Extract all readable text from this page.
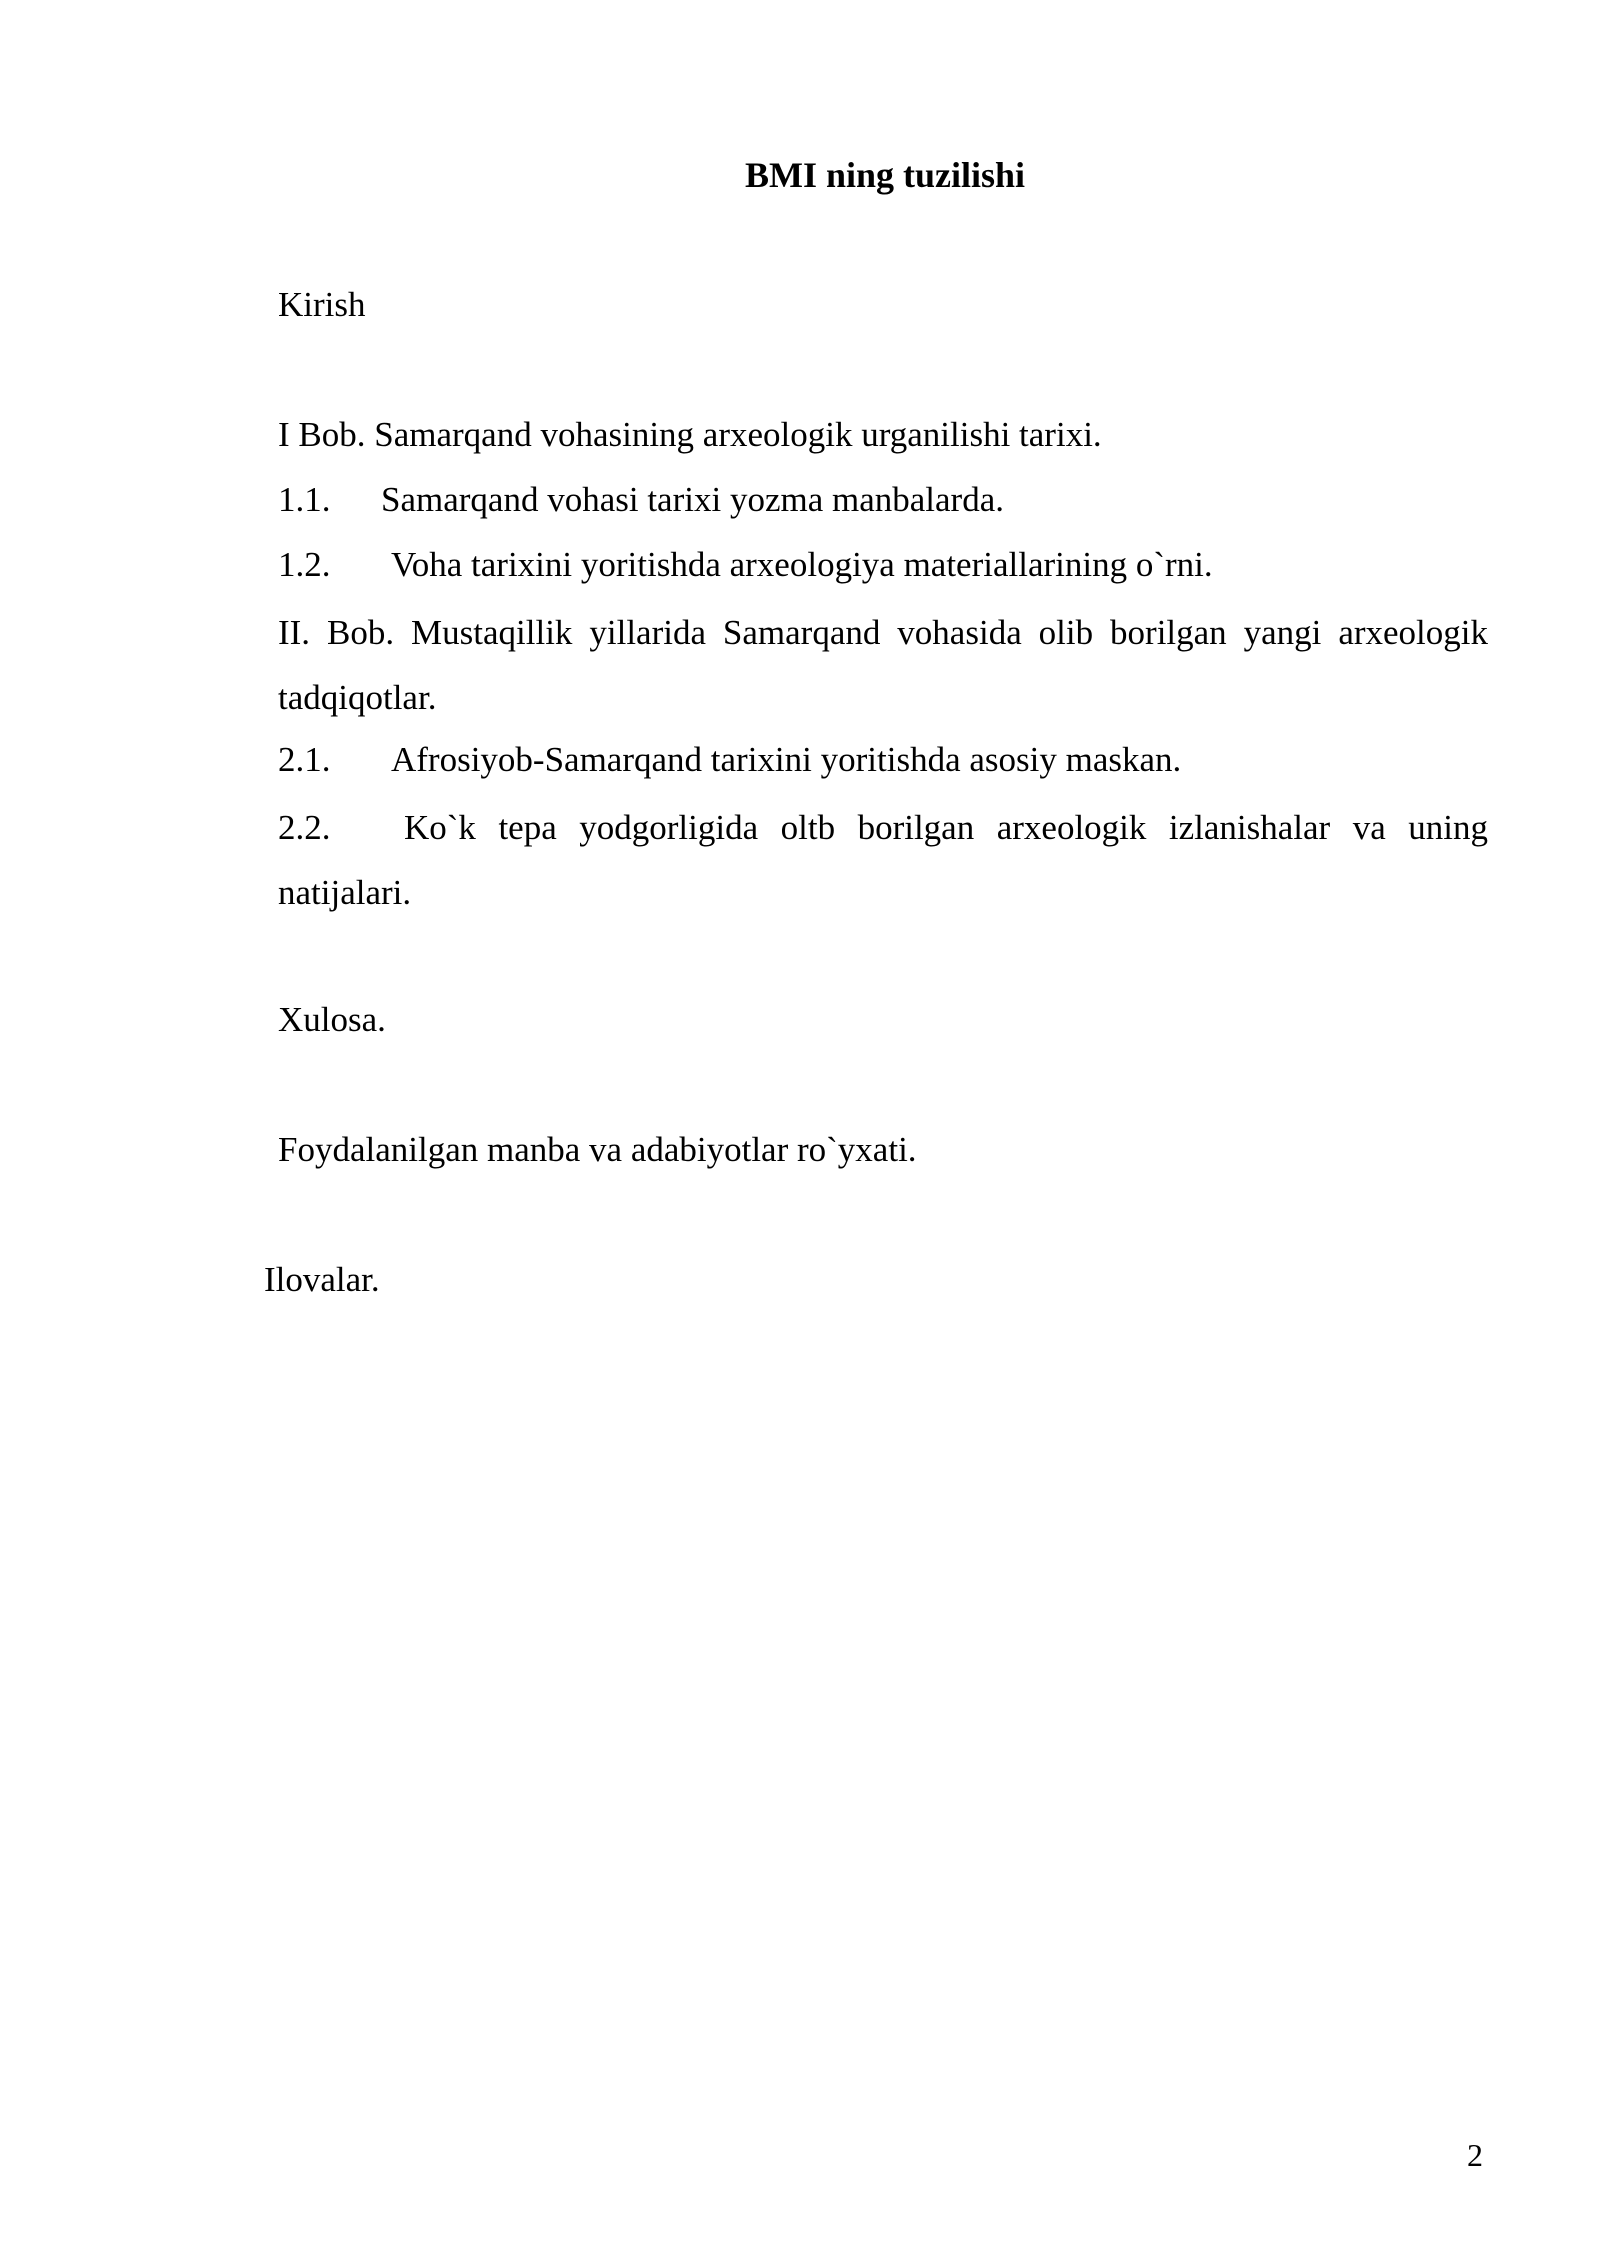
BMI ning tuzilishi
Kirish
I Bob. Samarqand vohasining arxeologik urganilishi tarixi.
1.1. Samarqand vohasi tarixi yozma manbalarda.
1.2. Voha tarixini yoritishda arxeologiya materiallarining o`rni.
II. Bob. Mustaqillik yillarida Samarqand vohasida olib borilgan yangi arxeologik tadqiqotlar.
2.1. Afrosiyob-Samarqand tarixini yoritishda asosiy maskan.
2.2. Ko`k tepa yodgorligida oltb borilgan arxeologik izlanishalar va uning natijalari.
Xulosa.
Foydalanilgan manba va adabiyotlar ro`yxati.
Ilovalar.
2
